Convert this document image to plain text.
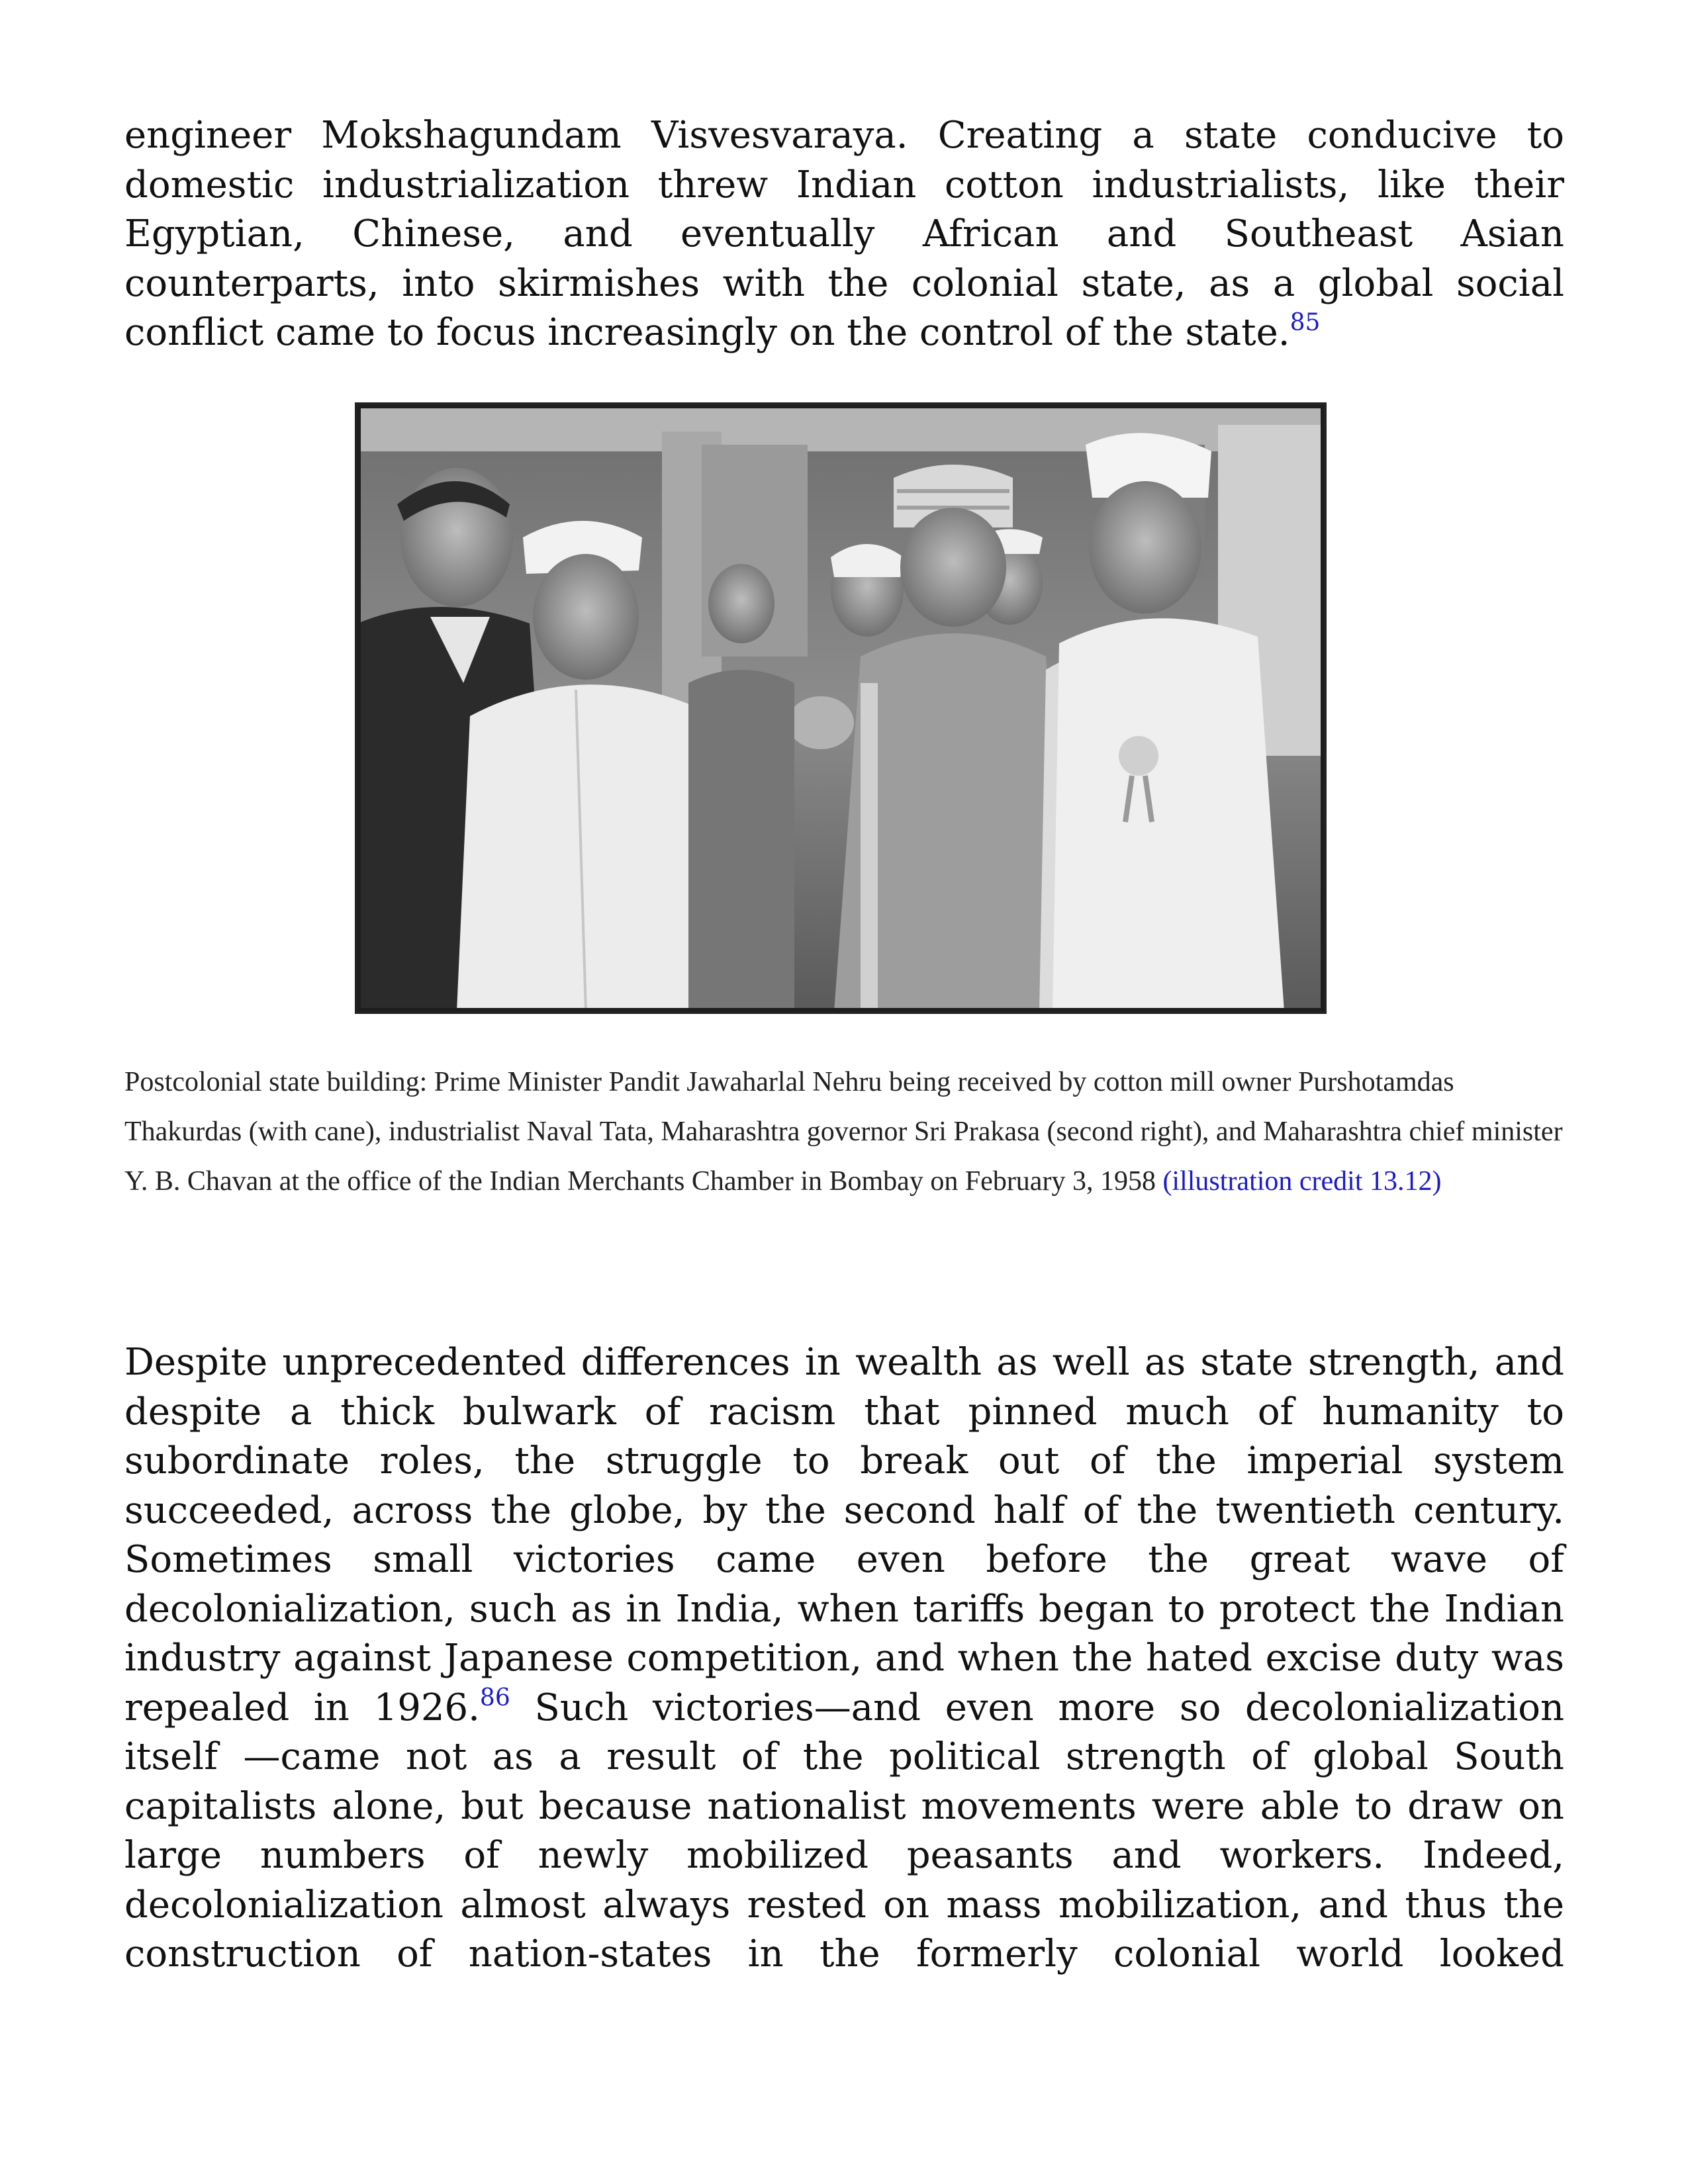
engineer Mokshagundam Visvesvaraya. Creating a state conducive to domestic industrialization threw Indian cotton industrialists, like their Egyptian, Chinese, and eventually African and Southeast Asian counterparts, into skirmishes with the colonial state, as a global social conflict came to focus increasingly on the control of the state.$^{85}$

Postcolonial state building: Prime Minister Pandit Jawaharlal Nehru being received by cotton mill owner Purshotamdas Thakurdas (with cane), industrialist Naval Tata, Maharashtra governor Sri Prakasa (second right), and Maharashtra chief minister Y. B. Chavan at the office of the Indian Merchants Chamber in Bombay on February 3, 1958 (illustration credit 13.12)

Despite unprecedented differences in wealth as well as state strength, and despite a thick bulwark of racism that pinned much of humanity to subordinate roles, the struggle to break out of the imperial system succeeded, across the globe, by the second half of the twentieth century. Sometimes small victories came even before the great wave of decolonialization, such as in India, when tariffs began to protect the Indian industry against Japanese competition, and when the hated excise duty was repealed in 1926.86 Such victories—and even more so decolonialization itself —came not as a result of the political strength of global South capitalists alone, but because nationalist movements were able to draw on large numbers of newly mobilized peasants and workers. Indeed, decolonialization almost always rested on mass mobilization, and thus the construction of nation-states in the formerly colonial world looked
